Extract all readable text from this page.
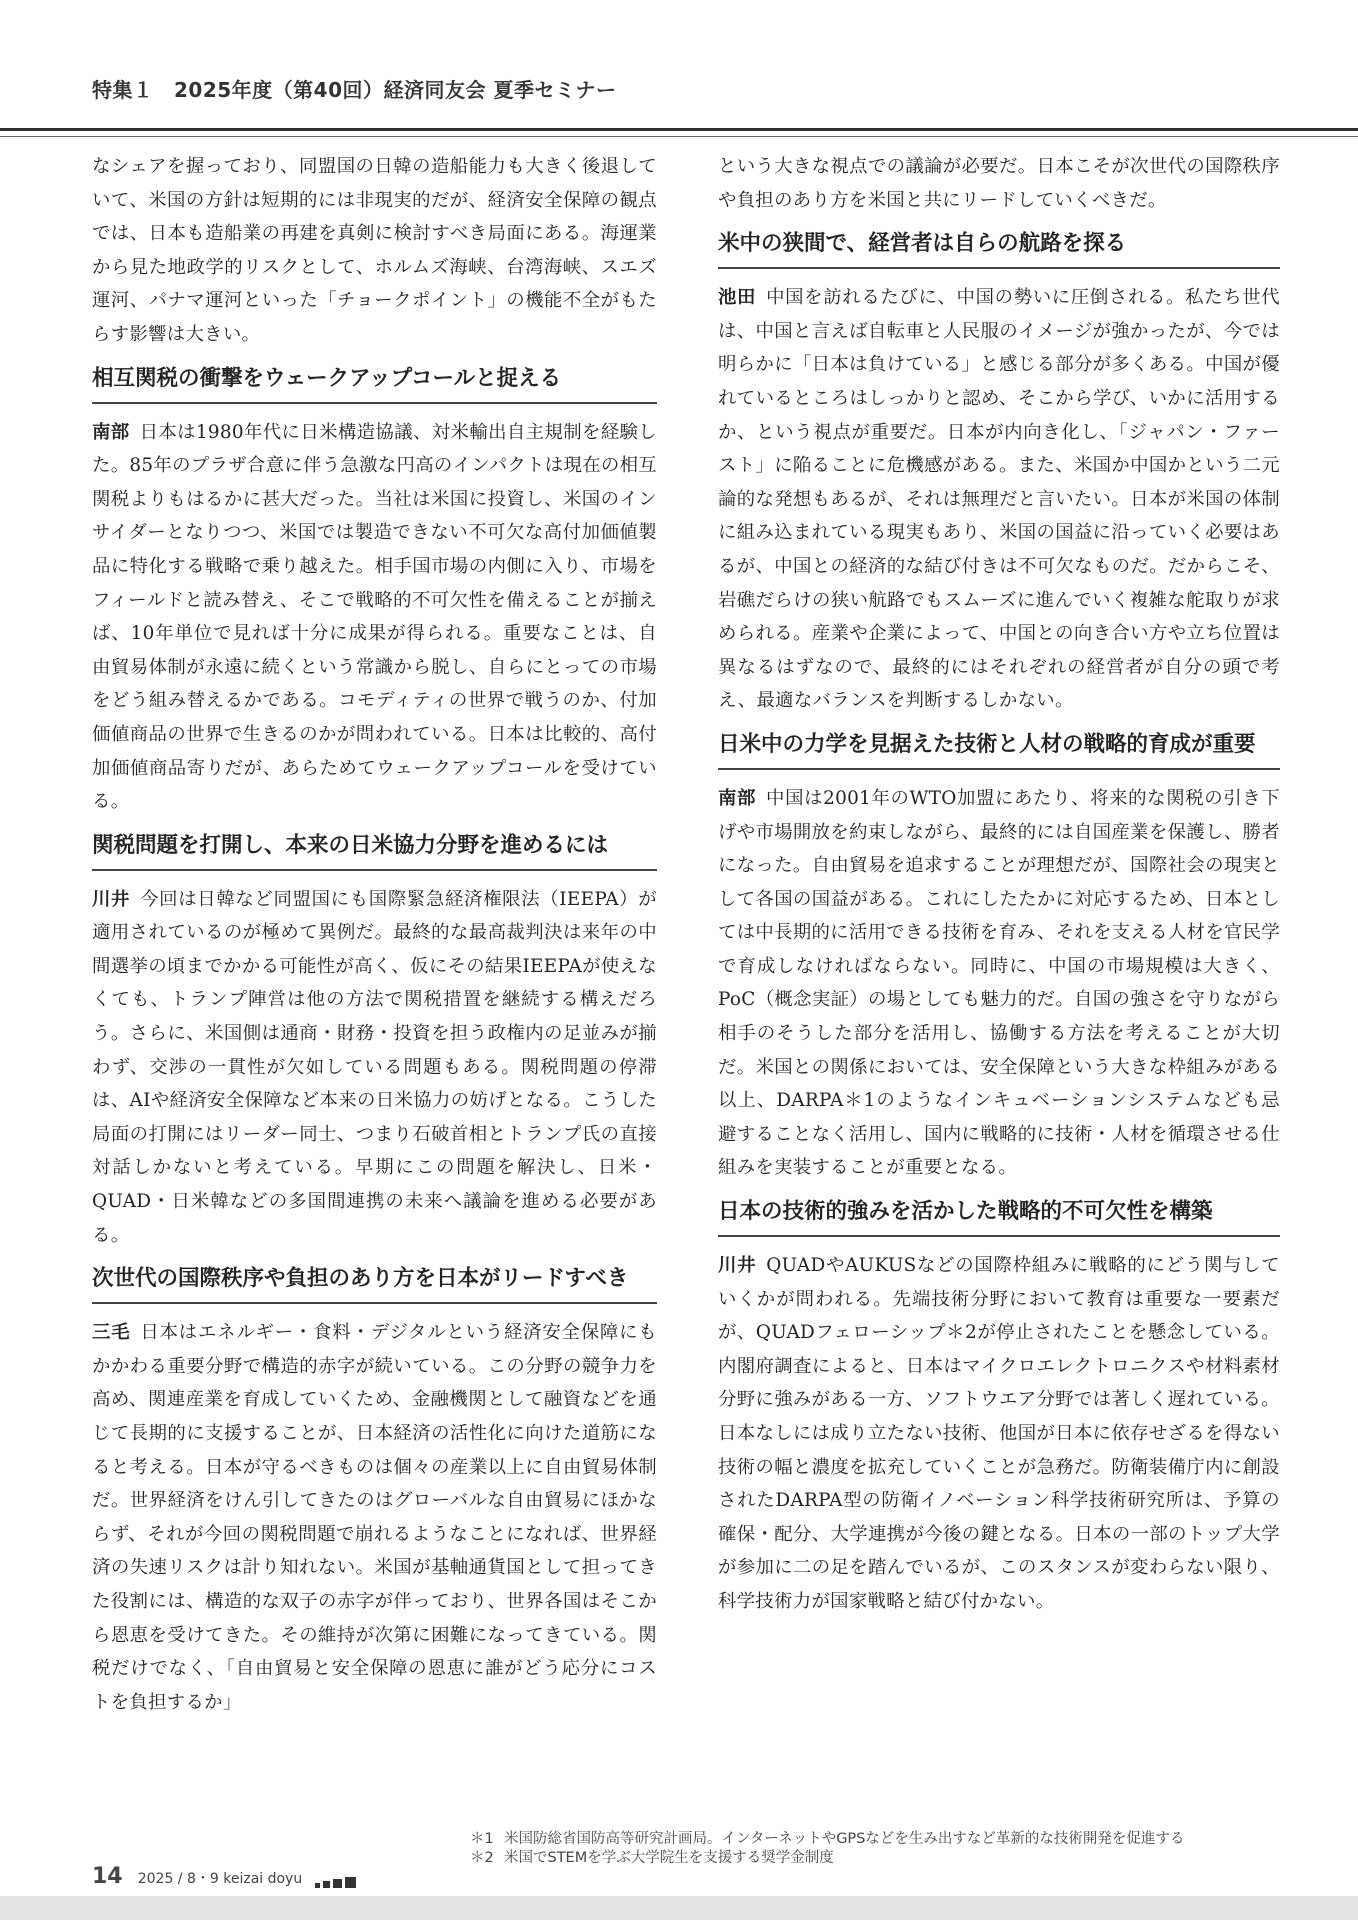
特集１　2025年度（第40回）経済同友会 夏季セミナー

なシェアを握っており、同盟国の日韓の造船能力も大きく後退していて、米国の方針は短期的には非現実的だが、経済安全保障の観点では、日本も造船業の再建を真剣に検討すべき局面にある。海運業から見た地政学的リスクとして、ホルムズ海峡、台湾海峡、スエズ運河、パナマ運河といった「チョークポイント」の機能不全がもたらす影響は大きい。

相互関税の衝撃をウェークアップコールと捉える

南部 日本は1980年代に日米構造協議、対米輸出自主規制を経験した。85年のプラザ合意に伴う急激な円高のインパクトは現在の相互関税よりもはるかに甚大だった。当社は米国に投資し、米国のインサイダーとなりつつ、米国では製造できない不可欠な高付加価値製品に特化する戦略で乗り越えた。相手国市場の内側に入り、市場をフィールドと読み替え、そこで戦略的不可欠性を備えることが揃えば、10年単位で見れば十分に成果が得られる。重要なことは、自由貿易体制が永遠に続くという常識から脱し、自らにとっての市場をどう組み替えるかである。コモディティの世界で戦うのか、付加価値商品の世界で生きるのかが問われている。日本は比較的、高付加価値商品寄りだが、あらためてウェークアップコールを受けている。

関税問題を打開し、本来の日米協力分野を進めるには

川井 今回は日韓など同盟国にも国際緊急経済権限法（IEEPA）が適用されているのが極めて異例だ。最終的な最高裁判決は来年の中間選挙の頃までかかる可能性が高く、仮にその結果IEEPAが使えなくても、トランプ陣営は他の方法で関税措置を継続する構えだろう。さらに、米国側は通商・財務・投資を担う政権内の足並みが揃わず、交渉の一貫性が欠如している問題もある。関税問題の停滞は、AIや経済安全保障など本来の日米協力の妨げとなる。こうした局面の打開にはリーダー同士、つまり石破首相とトランプ氏の直接対話しかないと考えている。早期にこの問題を解決し、日米・QUAD・日米韓などの多国間連携の未来へ議論を進める必要がある。

次世代の国際秩序や負担のあり方を日本がリードすべき

三毛 日本はエネルギー・食料・デジタルという経済安全保障にもかかわる重要分野で構造的赤字が続いている。この分野の競争力を高め、関連産業を育成していくため、金融機関として融資などを通じて長期的に支援することが、日本経済の活性化に向けた道筋になると考える。日本が守るべきものは個々の産業以上に自由貿易体制だ。世界経済をけん引してきたのはグローバルな自由貿易にほかならず、それが今回の関税問題で崩れるようなことになれば、世界経済の失速リスクは計り知れない。米国が基軸通貨国として担ってきた役割には、構造的な双子の赤字が伴っており、世界各国はそこから恩恵を受けてきた。その維持が次第に困難になってきている。関税だけでなく、「自由貿易と安全保障の恩恵に誰がどう応分にコストを負担するか」

という大きな視点での議論が必要だ。日本こそが次世代の国際秩序や負担のあり方を米国と共にリードしていくべきだ。

米中の狭間で、経営者は自らの航路を探る

池田 中国を訪れるたびに、中国の勢いに圧倒される。私たち世代は、中国と言えば自転車と人民服のイメージが強かったが、今では明らかに「日本は負けている」と感じる部分が多くある。中国が優れているところはしっかりと認め、そこから学び、いかに活用するか、という視点が重要だ。日本が内向き化し、「ジャパン・ファースト」に陥ることに危機感がある。また、米国か中国かという二元論的な発想もあるが、それは無理だと言いたい。日本が米国の体制に組み込まれている現実もあり、米国の国益に沿っていく必要はあるが、中国との経済的な結び付きは不可欠なものだ。だからこそ、岩礁だらけの狭い航路でもスムーズに進んでいく複雑な舵取りが求められる。産業や企業によって、中国との向き合い方や立ち位置は異なるはずなので、最終的にはそれぞれの経営者が自分の頭で考え、最適なバランスを判断するしかない。

日米中の力学を見据えた技術と人材の戦略的育成が重要

南部 中国は2001年のWTO加盟にあたり、将来的な関税の引き下げや市場開放を約束しながら、最終的には自国産業を保護し、勝者になった。自由貿易を追求することが理想だが、国際社会の現実として各国の国益がある。これにしたたかに対応するため、日本としては中長期的に活用できる技術を育み、それを支える人材を官民学で育成しなければならない。同時に、中国の市場規模は大きく、PoC（概念実証）の場としても魅力的だ。自国の強さを守りながら相手のそうした部分を活用し、協働する方法を考えることが大切だ。米国との関係においては、安全保障という大きな枠組みがある以上、DARPA＊1のようなインキュベーションシステムなども忌避することなく活用し、国内に戦略的に技術・人材を循環させる仕組みを実装することが重要となる。

日本の技術的強みを活かした戦略的不可欠性を構築

川井 QUADやAUKUSなどの国際枠組みに戦略的にどう関与していくかが問われる。先端技術分野において教育は重要な一要素だが、QUADフェローシップ＊2が停止されたことを懸念している。内閣府調査によると、日本はマイクロエレクトロニクスや材料素材分野に強みがある一方、ソフトウエア分野では著しく遅れている。日本なしには成り立たない技術、他国が日本に依存せざるを得ない技術の幅と濃度を拡充していくことが急務だ。防衛装備庁内に創設されたDARPA型の防衛イノベーション科学技術研究所は、予算の確保・配分、大学連携が今後の鍵となる。日本の一部のトップ大学が参加に二の足を踏んでいるが、このスタンスが変わらない限り、科学技術力が国家戦略と結び付かない。

＊1 米国防総省国防高等研究計画局。インターネットやGPSなどを生み出すなど革新的な技術開発を促進する
＊2 米国でSTEMを学ぶ大学院生を支援する奨学金制度
14 2025 / 8・9 keizai doyu
